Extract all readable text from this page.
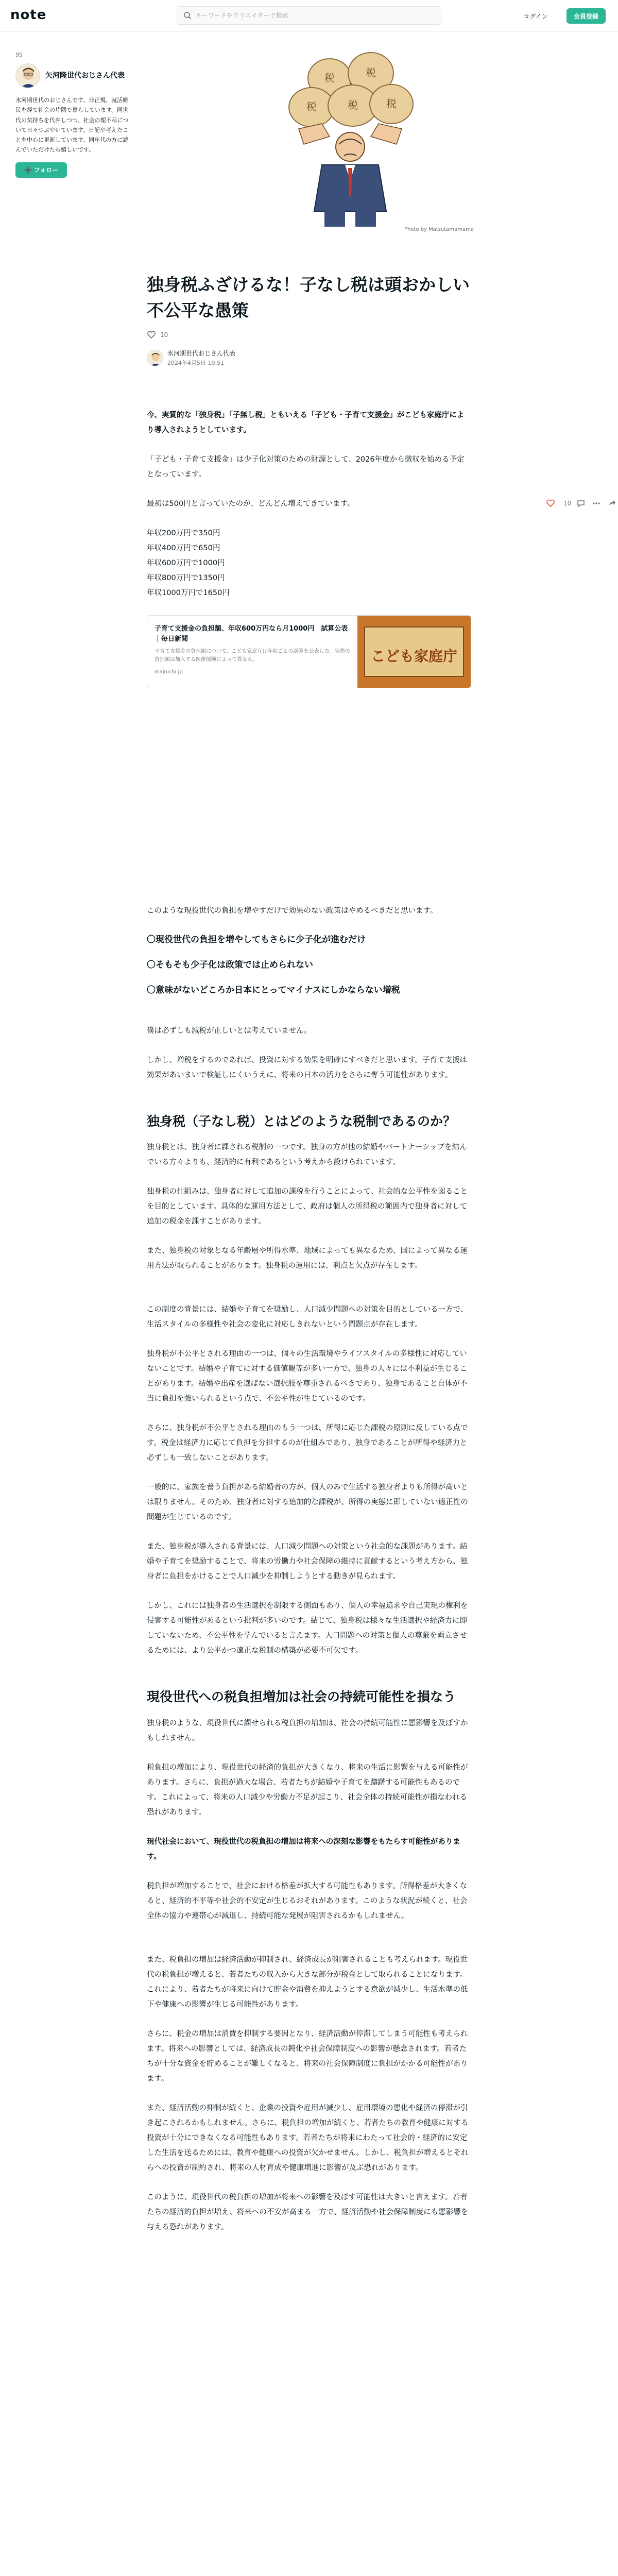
note
キーワードやクリエイターで検索	ログイン	会員登録
95
矢河隆世代おじさん代表
氷河期世代のおじさんです。非正規、就活難民を経て社会の片隅で暮らしています。同世代の気持ちを代弁しつつ、社会の理不尽について日々つぶやいています。日記や考えたことを中心に更新しています。同年代の方に読んでいただけたら嬉しいです。
➕ フォロー
税	税
税	税	税
Photo by Matsutamamama
10
独身税ふざけるな！子なし税は頭おかしい不公平な愚策
10
氷河期世代おじさん代表
2024年4月5日 10:51

今、実質的な「独身税」「子無し税」ともいえる「子ども・子育て支援金」がこども家庭庁により導入されようとしています。

「子ども・子育て支援金」は少子化対策のための財源として、2026年度から徴収を始める予定となっています。

最初は500円と言っていたのが、どんどん増えてきています。

年収200万円で350円

年収400万円で650円

年収600万円で1000円

年収800万円で1350円

年収1000万円で1650円

子育て支援金の負担額、年収600万円なら月1000円　試算公表｜毎日新聞
子育て支援金の負担額について、こども家庭庁は年収ごとの試算を公表した。実際の負担額は加入する医療保険によって異なる。
mainichi.jp
こども家庭庁

このような現役世代の負担を増やすだけで効果のない政策はやめるべきだと思います。

〇現役世代の負担を増やしてもさらに少子化が進むだけ
〇そもそも少子化は政策では止められない
〇意味がないどころか日本にとってマイナスにしかならない増税

僕は必ずしも減税が正しいとは考えていません。

しかし、増税をするのであれば、投資に対する効果を明確にすべきだと思います。子育て支援は効果があいまいで検証しにくいうえに、将来の日本の活力をさらに奪う可能性があります。

独身税（子なし税）とはどのような税制であるのか？

独身税とは、独身者に課される税制の一つです。独身の方が他の結婚やパートナーシップを結んでいる方々よりも、経済的に有利であるという考えから設けられています。

独身税の仕組みは、独身者に対して追加の課税を行うことによって、社会的な公平性を図ることを目的としています。具体的な運用方法として、政府は個人の所得税の範囲内で独身者に対して追加の税金を課すことがあります。

また、独身税の対象となる年齢層や所得水準、地域によっても異なるため、国によって異なる運用方法が取られることがあります。独身税の運用には、利点と欠点が存在します。

この制度の背景には、結婚や子育てを奨励し、人口減少問題への対策を目的としている一方で、生活スタイルの多様性や社会の変化に対応しきれないという問題点が存在します。

独身税が不公平とされる理由の一つは、個々の生活環境やライフスタイルの多様性に対応していないことです。結婚や子育てに対する価値観等が多い一方で、独身の人々には不利益が生じることがあります。結婚や出産を選ばない選択肢を尊重されるべきであり、独身であること自体が不当に負担を強いられるという点で、不公平性が生じているのです。

さらに、独身税が不公平とされる理由のもう一つは、所得に応じた課税の原則に反している点です。税金は経済力に応じて負担を分担するのが仕組みであり、独身であることが所得や経済力と必ずしも一致しないことがあります。

一般的に、家族を養う負担がある結婚者の方が、個人のみで生活する独身者よりも所得が高いとは限りません。そのため、独身者に対する追加的な課税が、所得の実態に即していない適正性の問題が生じているのです。

また、独身税が導入される背景には、人口減少問題への対策という社会的な課題があります。結婚や子育てを奨励することで、将来の労働力や社会保障の維持に貢献するという考え方から、独身者に負担をかけることで人口減少を抑制しようとする動きが見られます。

しかし、これには独身者の生活選択を制限する側面もあり、個人の幸福追求や自己実現の権利を侵害する可能性があるという批判が多いのです。結じて、独身税は様々な生活選択や経済力に即していないため、不公平性を孕んでいると言えます。人口問題への対策と個人の尊厳を両立させるためには、より公平かつ適正な税制の構築が必要不可欠です。

現役世代への税負担増加は社会の持続可能性を損なう

独身税のような、現役世代に課せられる税負担の増加は、社会の持続可能性に悪影響を及ぼすかもしれません。

税負担の増加により、現役世代の経済的負担が大きくなり、将来の生活に影響を与える可能性があります。さらに、負担が過大な場合、若者たちが結婚や子育てを躊躇する可能性もあるのです。これによって、将来の人口減少や労働力不足が起こり、社会全体の持続可能性が損なわれる恐れがあります。

現代社会において、現役世代の税負担の増加は将来への深刻な影響をもたらす可能性があります。

税負担が増加することで、社会における格差が拡大する可能性もあります。所得格差が大きくなると、経済的不平等や社会的不安定が生じるおそれがあります。このような状況が続くと、社会全体の協力や連帯心が減退し、持続可能な発展が阻害されるかもしれません。

また、税負担の増加は経済活動が抑制され、経済成長が阻害されることも考えられます。現役世代の税負担が増えると、若者たちの収入から大きな部分が税金として取られることになります。これにより、若者たちが将来に向けて貯金や消費を抑えようとする意欲が減少し、生活水準の低下や健康への影響が生じる可能性があります。

さらに、税金の増加は消費を抑制する要因となり、経済活動が停滞してしまう可能性も考えられます。将来への影響としては、経済成長の鈍化や社会保障制度への影響が懸念されます。若者たちが十分な資金を貯めることが難しくなると、将来の社会保障制度に負担がかかる可能性があります。

また、経済活動の抑制が続くと、企業の投資や雇用が減少し、雇用環境の悪化や経済の停滞が引き起こされるかもしれません。さらに、税負担の増加が続くと、若者たちの教育や健康に対する投資が十分にできなくなる可能性もあります。若者たちが将来にわたって社会的・経済的に安定した生活を送るためには、教育や健康への投資が欠かせません。しかし、税負担が増えるとそれらへの投資が制約され、将来の人材育成や健康増進に影響が及ぶ恐れがあります。

このように、現役世代の税負担の増加が将来への影響を及ぼす可能性は大きいと言えます。若者たちの経済的負担が増え、将来への不安が高まる一方で、経済活動や社会保障制度にも悪影響を与える恐れがあります。
